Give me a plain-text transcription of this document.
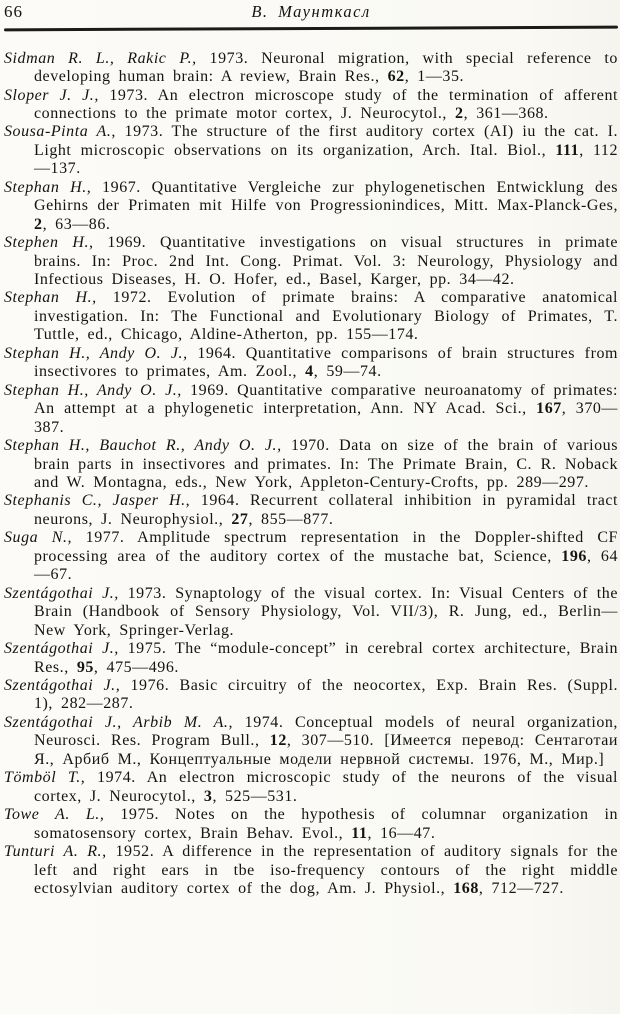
66	В. Маунткасл

Sidman R. L., Rakic P., 1973. Neuronal migration, with special reference to developing human brain: A review, Brain Res., 62, 1—35.

Sloper J. J., 1973. An electron microscope study of the termination of afferent connections to the primate motor cortex, J. Neurocytol., 2, 361—368.

Sousa-Pinta A., 1973. The structure of the first auditory cortex (AI) iu the cat. I. Light microscopic observations on its organization, Arch. Ital. Biol., 111, 112—137.

Stephan H., 1967. Quantitative Vergleiche zur phylogenetischen Entwicklung des Gehirns der Primaten mit Hilfe von Progressionindices, Mitt. Max-Planck-Ges, 2, 63—86.

Stephen H., 1969. Quantitative investigations on visual structures in primate brains. In: Proc. 2nd Int. Cong. Primat. Vol. 3: Neurology, Physiology and Infectious Diseases, H. O. Hofer, ed., Basel, Karger, pp. 34—42.

Stephan H., 1972. Evolution of primate brains: A comparative anatomical investigation. In: The Functional and Evolutionary Biology of Primates, T. Tuttle, ed., Chicago, Aldine-Atherton, pp. 155—174.

Stephan H., Andy O. J., 1964. Quantitative comparisons of brain structures from insectivores to primates, Am. Zool., 4, 59—74.

Stephan H., Andy O. J., 1969. Quantitative comparative neuroanatomy of primates: An attempt at a phylogenetic interpretation, Ann. NY Acad. Sci., 167, 370—387.

Stephan H., Bauchot R., Andy O. J., 1970. Data on size of the brain of various brain parts in insectivores and primates. In: The Primate Brain, C. R. Noback and W. Montagna, eds., New York, Appleton-Century-Crofts, pp. 289—297.

Stephanis C., Jasper H., 1964. Recurrent collateral inhibition in pyramidal tract neurons, J. Neurophysiol., 27, 855—877.

Suga N., 1977. Amplitude spectrum representation in the Doppler-shifted CF processing area of the auditory cortex of the mustache bat, Science, 196, 64—67.

Szentágothai J., 1973. Synaptology of the visual cortex. In: Visual Centers of the Brain (Handbook of Sensory Physiology, Vol. VII/3), R. Jung, ed., Berlin—New York, Springer-Verlag.

Szentágothai J., 1975. The “module-concept” in cerebral cortex architecture, Brain Res., 95, 475—496.

Szentágothai J., 1976. Basic circuitry of the neocortex, Exp. Brain Res. (Suppl. 1), 282—287.

Szentágothai J., Arbib M. A., 1974. Conceptual models of neural organization, Neurosci. Res. Program Bull., 12, 307—510. [Имеется перевод: Сентаготаи Я., Арбиб М., Концептуальные модели нервной системы. 1976, М., Мир.]

Tömböl T., 1974. An electron microscopic study of the neurons of the visual cortex, J. Neurocytol., 3, 525—531.

Towe A. L., 1975. Notes on the hypothesis of columnar organization in somatosensory cortex, Brain Behav. Evol., 11, 16—47.

Tunturi A. R., 1952. A difference in the representation of auditory signals for the left and right ears in tbe iso-frequency contours of the right middle ectosylvian auditory cortex of the dog, Am. J. Physiol., 168, 712—727.
